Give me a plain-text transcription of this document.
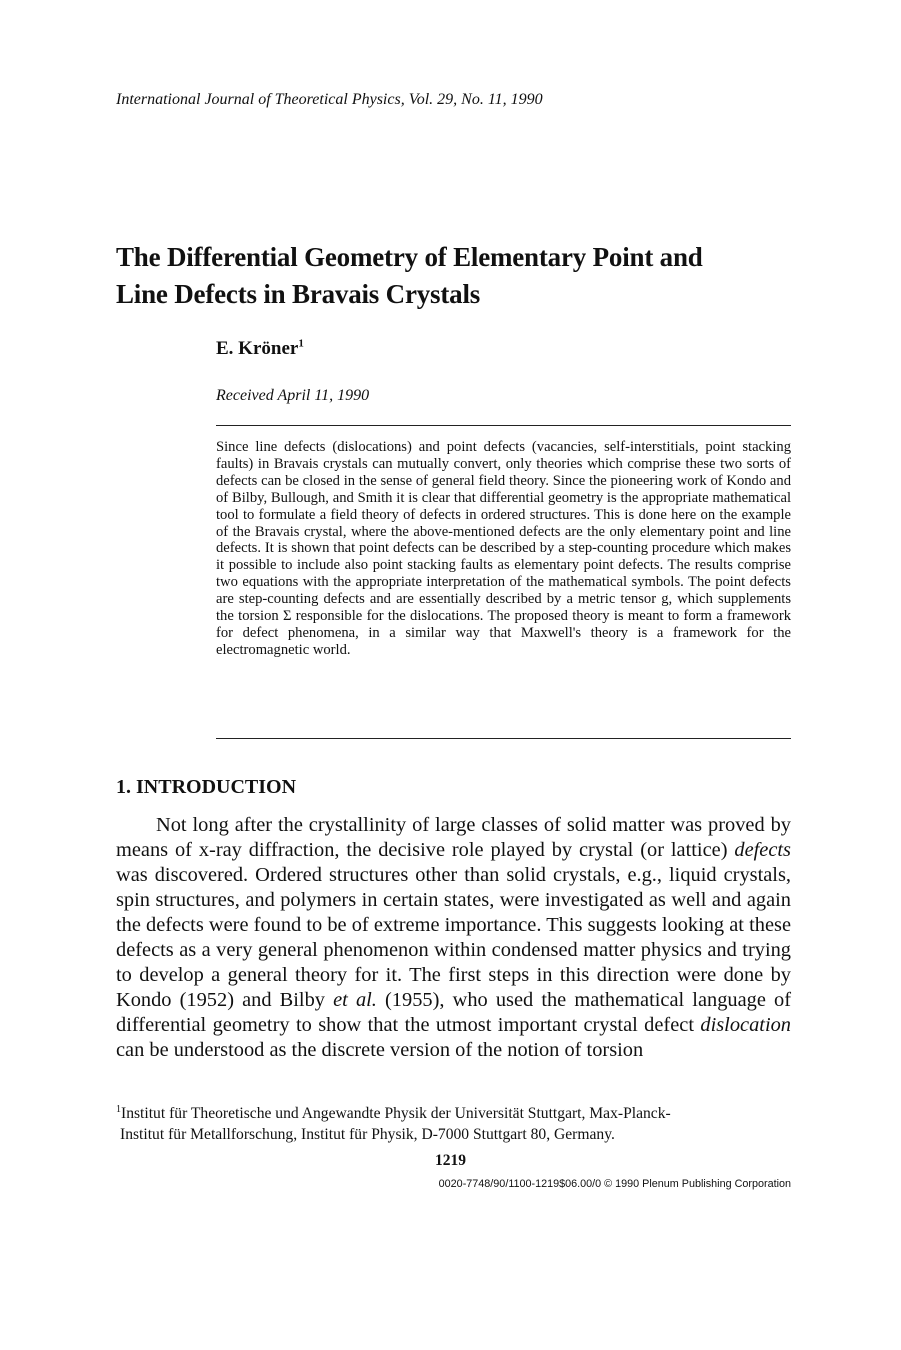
International Journal of Theoretical Physics, Vol. 29, No. 11, 1990
The Differential Geometry of Elementary Point and
Line Defects in Bravais Crystals
E. Kröner$^1$
Received April 11, 1990
Since line defects (dislocations) and point defects (vacancies, self-interstitials, point stacking faults) in Bravais crystals can mutually convert, only theories which comprise these two sorts of defects can be closed in the sense of general field theory. Since the pioneering work of Kondo and of Bilby, Bullough, and Smith it is clear that differential geometry is the appropriate mathematical tool to formulate a field theory of defects in ordered structures. This is done here on the example of the Bravais crystal, where the above-mentioned defects are the only elementary point and line defects. It is shown that point defects can be described by a step-counting procedure which makes it possible to include also point stacking faults as elementary point defects. The results comprise two equations with the appropriate interpretation of the mathematical symbols. The point defects are step-counting defects and are essentially described by a metric tensor g, which supplements the torsion Σ responsible for the dislocations. The proposed theory is meant to form a framework for defect phenomena, in a similar way that Maxwell's theory is a framework for the electromagnetic world.
1. INTRODUCTION

Not long after the crystallinity of large classes of solid matter was proved by means of x-ray diffraction, the decisive role played by crystal (or lattice) defects was discovered. Ordered structures other than solid crystals, e.g., liquid crystals, spin structures, and polymers in certain states, were investigated as well and again the defects were found to be of extreme importance. This suggests looking at these defects as a very general phenomenon within condensed matter physics and trying to develop a general theory for it. The first steps in this direction were done by Kondo (1952) and Bilby et al. (1955), who used the mathematical language of differential geometry to show that the utmost important crystal defect dislocation can be understood as the discrete version of the notion of torsion

$^1$Institut für Theoretische und Angewandte Physik der Universität Stuttgart, Max-Planck-
Institut für Metallforschung, Institut für Physik, D-7000 Stuttgart 80, Germany.
1219
0020-7748/90/1100-1219$06.00/0 © 1990 Plenum Publishing Corporation
